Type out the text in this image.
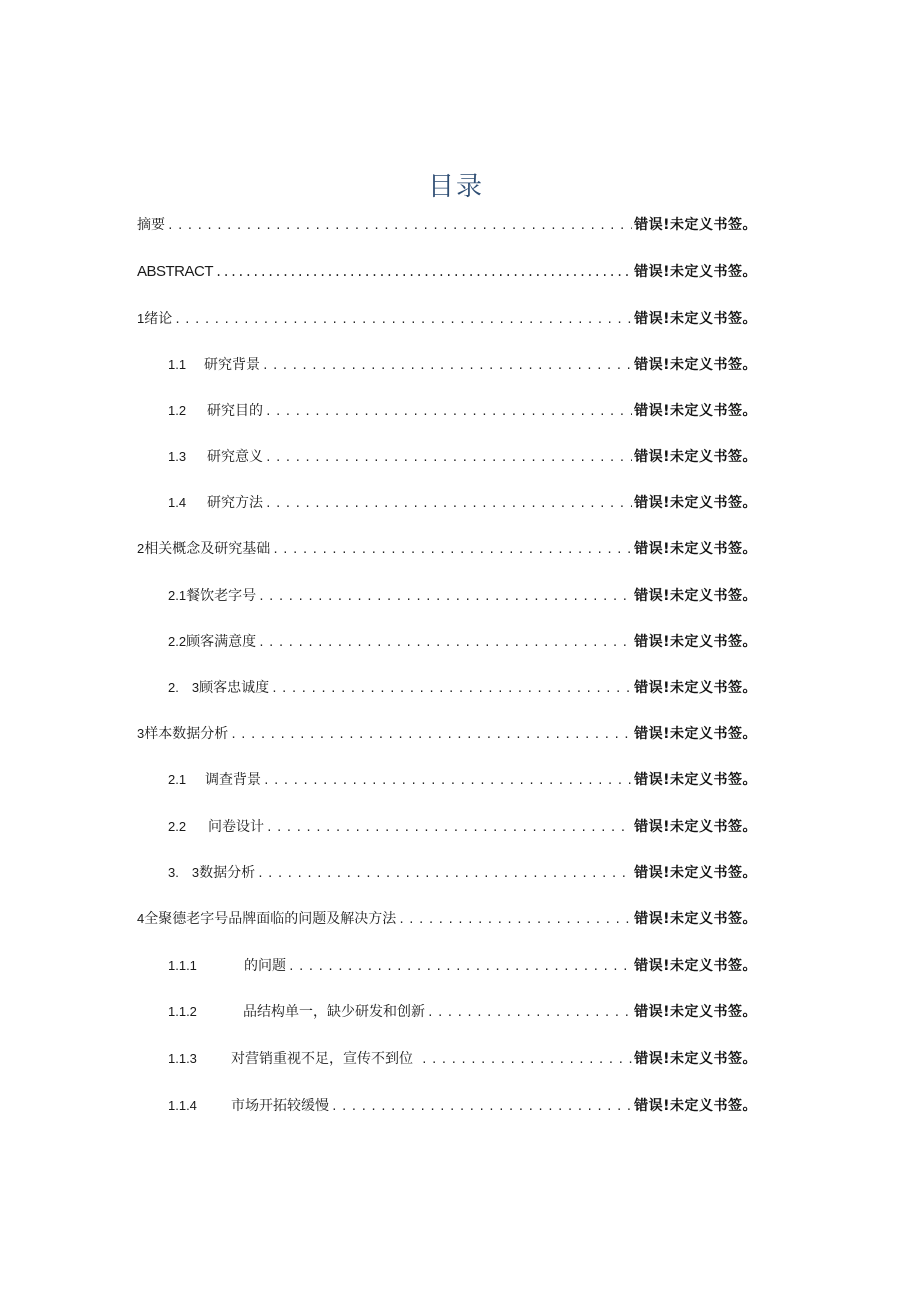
目录
摘要 .....	错误!未定义书签。
ABSTRACT .....	错误!未定义书签。
1绪论 .....	错误!未定义书签。
1.1 研究背景 .....	错误!未定义书签。
1.2 研究目的 .....	错误!未定义书签。
1.3 研究意义 .....	错误!未定义书签。
1.4 研究方法 .....	错误!未定义书签。
2相关概念及研究基础 .....	错误!未定义书签。
2.1餐饮老字号 .....	错误!未定义书签。
2.2顾客满意度 .....	错误!未定义书签。
2.　3顾客忠诚度 .....	错误!未定义书签。
3样本数据分析 .....	错误!未定义书签。
2.1 调查背景 .....	错误!未定义书签。
2.2 问卷设计 .....	错误!未定义书签。
3.　3数据分析 .....	错误!未定义书签。
4全聚德老字号品牌面临的问题及解决方法 .....	错误!未定义书签。
1.1.1	的问题 .....	错误!未定义书签。
1.1.2	品结构单一，缺少研发和创新 .....	错误!未定义书签。
1.1.3 对营销重视不足，宣传不到位 .....	错误!未定义书签。
1.1.4 市场开拓较缓慢 .....	错误!未定义书签。
